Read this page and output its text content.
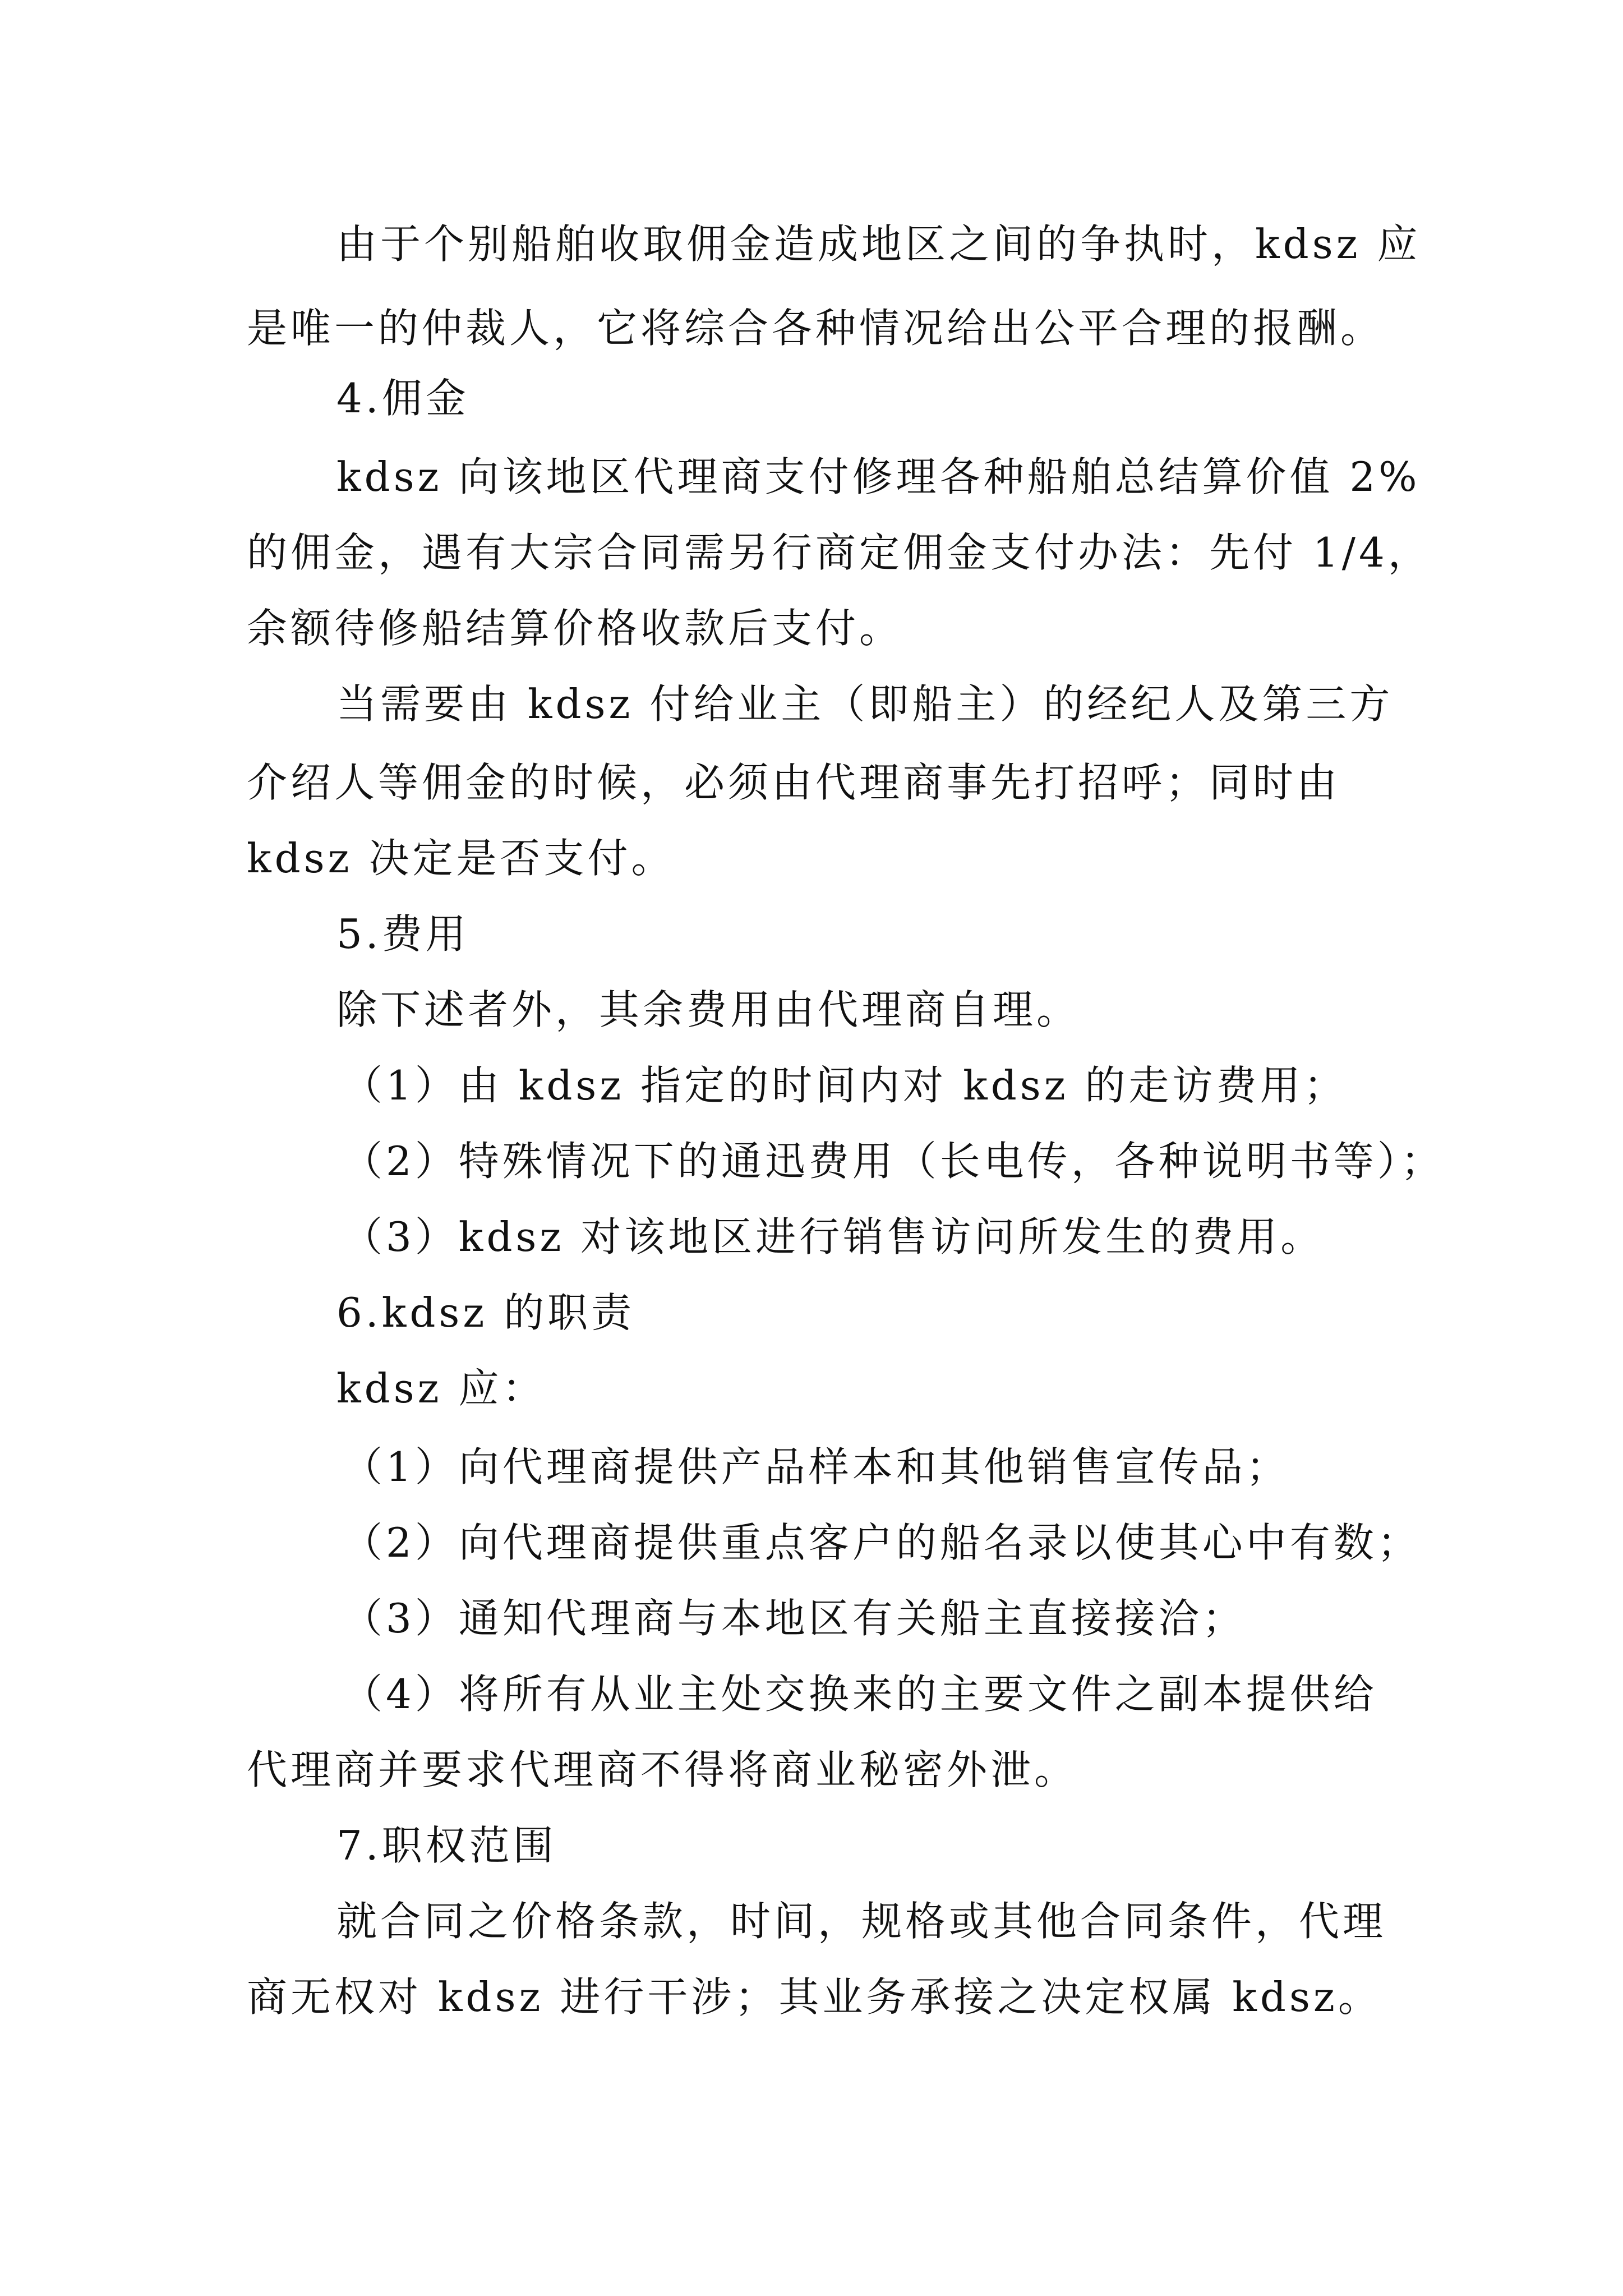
由于个别船舶收取佣金造成地区之间的争执时，kdsz 应
是唯一的仲裁人，它将综合各种情况给出公平合理的报酬。
4.佣金
kdsz 向该地区代理商支付修理各种船舶总结算价值 2%
的佣金，遇有大宗合同需另行商定佣金支付办法：先付 1/4，
余额待修船结算价格收款后支付。
当需要由 kdsz 付给业主（即船主）的经纪人及第三方
介绍人等佣金的时候，必须由代理商事先打招呼；同时由
kdsz 决定是否支付。
5.费用
除下述者外，其余费用由代理商自理。
（1）由 kdsz 指定的时间内对 kdsz 的走访费用；
（2）特殊情况下的通迅费用（长电传，各种说明书等）；
（3）kdsz 对该地区进行销售访问所发生的费用。
6.kdsz 的职责
kdsz 应：
（1）向代理商提供产品样本和其他销售宣传品；
（2）向代理商提供重点客户的船名录以使其心中有数；
（3）通知代理商与本地区有关船主直接接洽；
（4）将所有从业主处交换来的主要文件之副本提供给
代理商并要求代理商不得将商业秘密外泄。
7.职权范围
就合同之价格条款，时间，规格或其他合同条件，代理
商无权对 kdsz 进行干涉；其业务承接之决定权属 kdsz。
